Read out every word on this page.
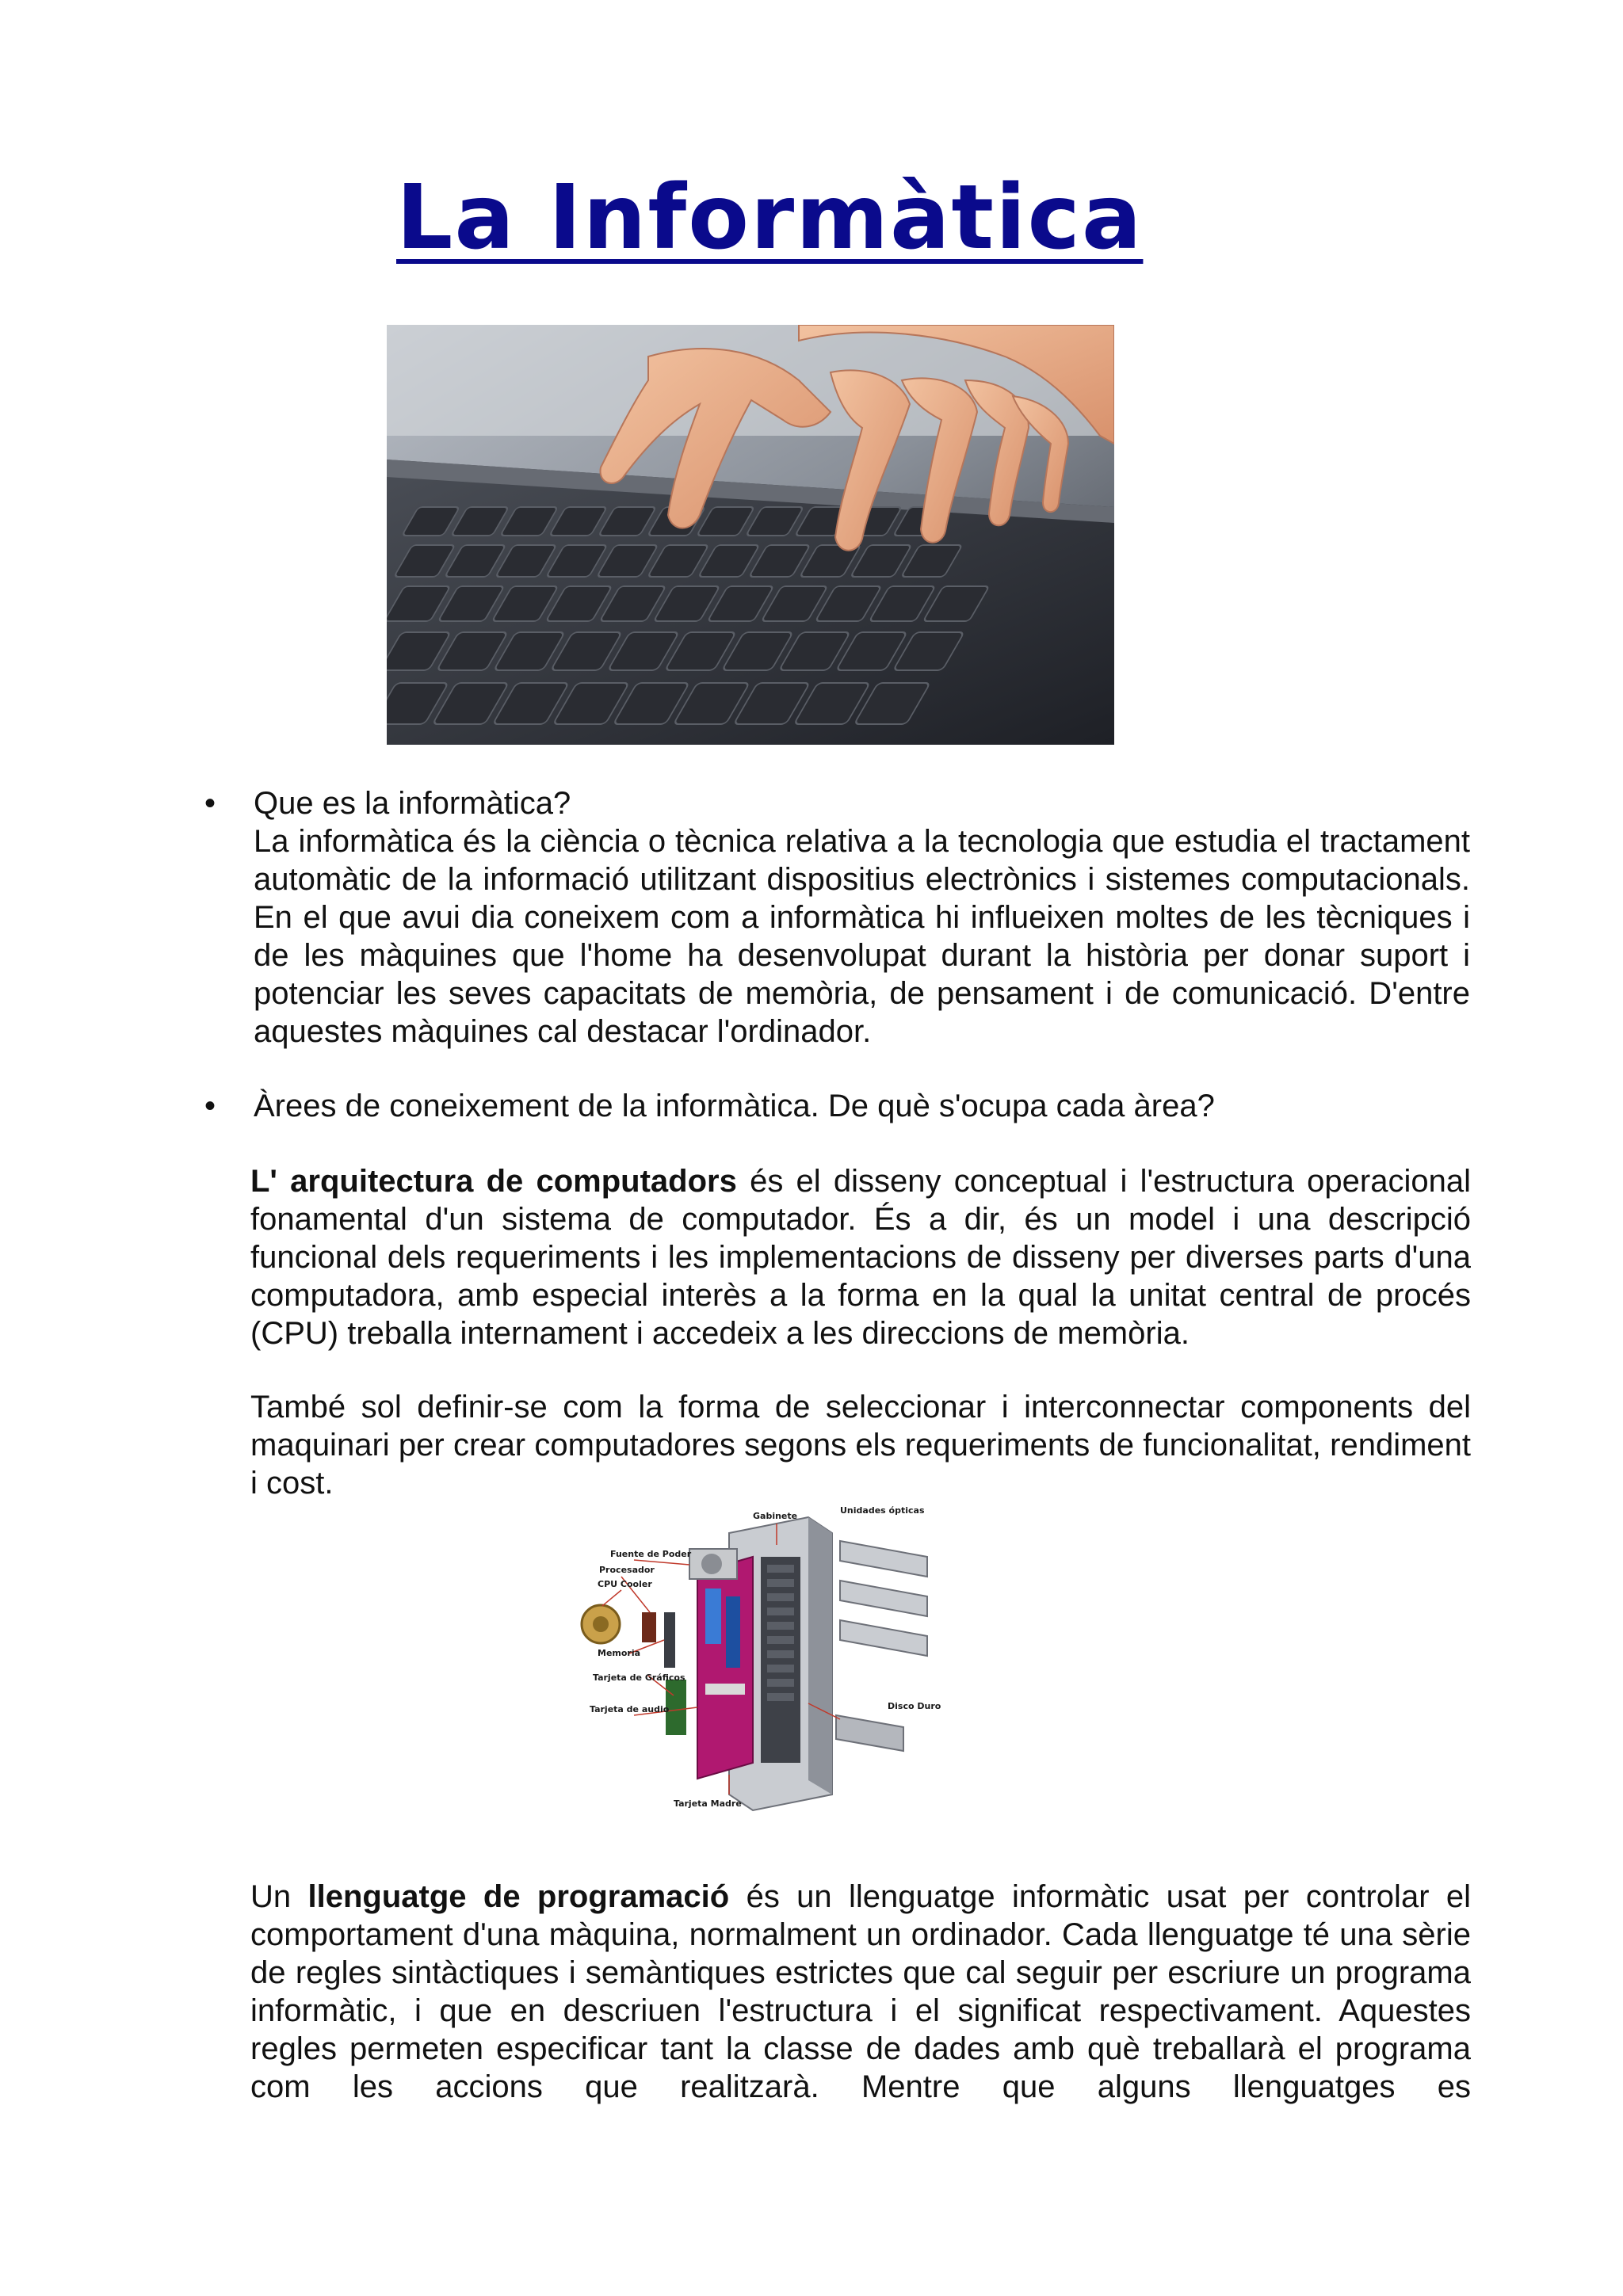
La Informàtica
• Que es la informàtica?

La informàtica és la ciència o tècnica relativa a la tecnologia que estudia el tractament automàtic de la informació utilitzant dispositius electrònics i sistemes computacionals. En el que avui dia coneixem com a informàtica hi influeixen moltes de les tècniques i de les màquines que l'home ha desenvolupat durant la història per donar suport i potenciar les seves capacitats de memòria, de pensament i de comunicació. D'entre aquestes màquines cal destacar l'ordinador.

• Àrees de coneixement de la informàtica. De què s'ocupa cada àrea?
L' arquitectura de computadors és el disseny conceptual i l'estructura operacional fonamental d'un sistema de computador. És a dir, és un model i una descripció funcional dels requeriments i les implementacions de disseny per diverses parts d'una computadora, amb especial interès a la forma en la qual la unitat central de procés (CPU) treballa internament i accedeix a les direccions de memòria.
També sol definir-se com la forma de seleccionar i interconnectar components del maquinari per crear computadores segons els requeriments de funcionalitat, rendiment i cost.
Gabinete
Unidades ópticas
Fuente de Poder
Procesador
CPU Cooler
Memoria
Tarjeta de Gráficos
Disco Duro
Tarjeta de audio
Tarjeta Madre
Un llenguatge de programació és un llenguatge informàtic usat per controlar el comportament d'una màquina, normalment un ordinador. Cada llenguatge té una sèrie de regles sintàctiques i semàntiques estrictes que cal seguir per escriure un programa informàtic, i que en descriuen l'estructura i el significat respectivament. Aquestes regles permeten especificar tant la classe de dades amb què treballarà el programa com les accions que realitzarà. Mentre que alguns llenguatges es
